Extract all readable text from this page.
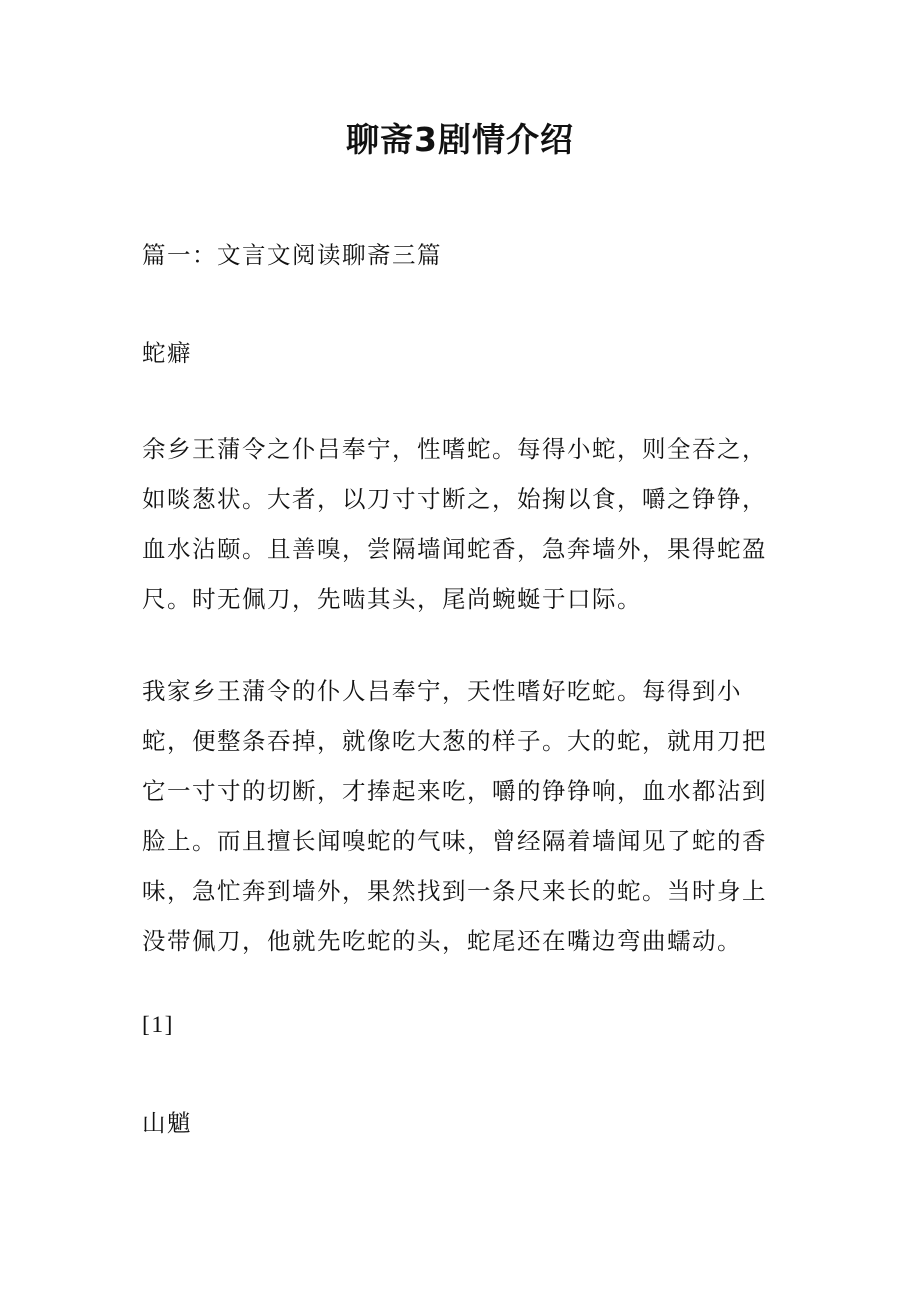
聊斋3剧情介绍

篇一：文言文阅读聊斋三篇

蛇癖

余乡王蒲令之仆吕奉宁，性嗜蛇。每得小蛇，则全吞之，如啖葱状。大者，以刀寸寸断之，始掬以食，嚼之铮铮，血水沾颐。且善嗅，尝隔墙闻蛇香，急奔墙外，果得蛇盈尺。时无佩刀，先啮其头，尾尚蜿蜒于口际。

我家乡王蒲令的仆人吕奉宁，天性嗜好吃蛇。每得到小蛇，便整条吞掉，就像吃大葱的样子。大的蛇，就用刀把它一寸寸的切断，才捧起来吃，嚼的铮铮响，血水都沾到脸上。而且擅长闻嗅蛇的气味，曾经隔着墙闻见了蛇的香味，急忙奔到墙外，果然找到一条尺来长的蛇。当时身上没带佩刀，他就先吃蛇的头，蛇尾还在嘴边弯曲蠕动。

[1]

山魈
